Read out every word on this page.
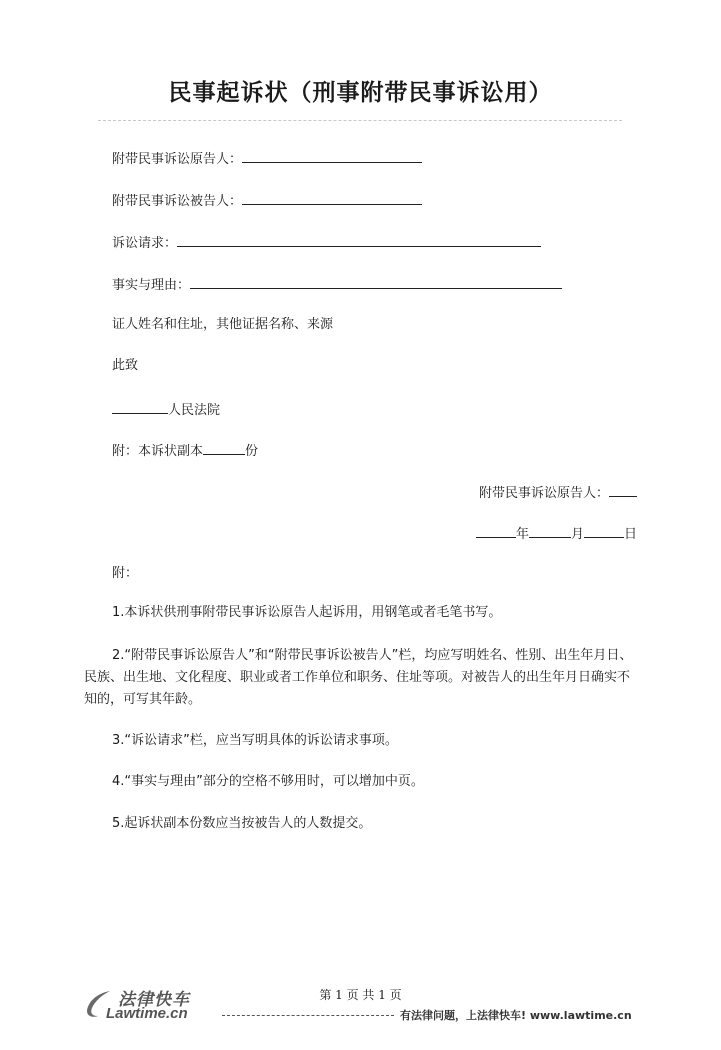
民事起诉状（刑事附带民事诉讼用）
附带民事诉讼原告人：
附带民事诉讼被告人：
诉讼请求：
事实与理由：
证人姓名和住址，其他证据名称、来源
此致
人民法院
附：本诉状副本	份
附带民事诉讼原告人：
年	月	日
附：
1.本诉状供刑事附带民事诉讼原告人起诉用，用钢笔或者毛笔书写。
2.“附带民事诉讼原告人”和“附带民事诉讼被告人”栏，均应写明姓名、性别、出生年月日、民族、出生地、文化程度、职业或者工作单位和职务、住址等项。对被告人的出生年月日确实不知的，可写其年龄。
3.“诉讼请求”栏，应当写明具体的诉讼请求事项。
4.“事实与理由”部分的空格不够用时，可以增加中页。
5.起诉状副本份数应当按被告人的人数提交。
第 1 页 共 1 页
法律快车
Lawtime.cn	有法律问题，上法律快车! www.lawtime.cn
